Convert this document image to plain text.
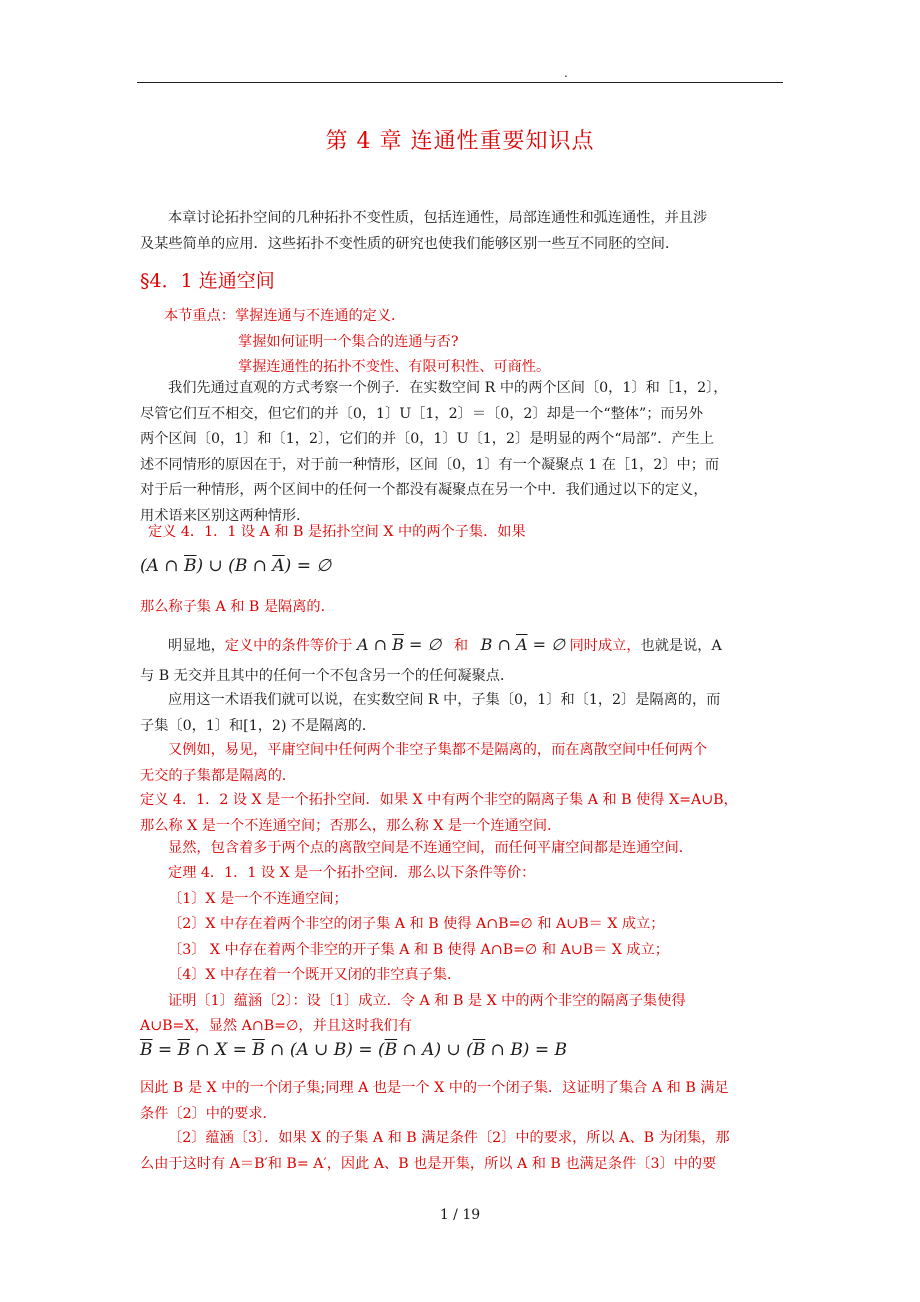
.
第 4 章 连通性重要知识点
本章讨论拓扑空间的几种拓扑不变性质，包括连通性，局部连通性和弧连通性，并且涉
及某些简单的应用．这些拓扑不变性质的研究也使我们能够区别一些互不同胚的空间．
§4．1 连通空间
本节重点：掌握连通与不连通的定义．
掌握如何证明一个集合的连通与否?
掌握连通性的拓扑不变性、有限可积性、可商性。
我们先通过直观的方式考察一个例子．在实数空间 R 中的两个区间〔0，1〕和［1，2〕，
尽管它们互不相交，但它们的并〔0，1〕U［1，2〕＝〔0，2〕却是一个“整体”；而另外
两个区间〔0，1〕和〔1，2〕，它们的并〔0，1〕U〔1，2〕是明显的两个“局部”．产生上
述不同情形的原因在于，对于前一种情形，区间〔0，1〕有一个凝聚点 1 在［1，2〕中；而
对于后一种情形，两个区间中的任何一个都没有凝聚点在另一个中．我们通过以下的定义，
用术语来区别这两种情形．
定义 4．1．1 设 A 和 B 是拓扑空间 X 中的两个子集．如果
(A ∩ $\overline{B}$) ∪ (B ∩ $\overline{A}$) = ∅
那么称子集 A 和 B 是隔离的．
明显地，定义中的条件等价于 A ∩ $\overline{B}$ = ∅ 和 B ∩ $\overline{A}$ = ∅ 同时成立，也就是说，A
与 B 无交并且其中的任何一个不包含另一个的任何凝聚点．
应用这一术语我们就可以说，在实数空间 R 中，子集〔0，1〕和〔1，2〕是隔离的，而
子集〔0，1〕和[1，2) 不是隔离的．
又例如，易见，平庸空间中任何两个非空子集都不是隔离的，而在离散空间中任何两个
无交的子集都是隔离的．
定义 4．1．2 设 X 是一个拓扑空间．如果 X 中有两个非空的隔离子集 A 和 B 使得 X=A∪B，
那么称 X 是一个不连通空间；否那么，那么称 X 是一个连通空间．
显然，包含着多于两个点的离散空间是不连通空间，而任何平庸空间都是连通空间．
定理 4．1．1 设 X 是一个拓扑空间．那么以下条件等价：
〔1〕X 是一个不连通空间；
〔2〕X 中存在着两个非空的闭子集 A 和 B 使得 A∩B=∅ 和 A∪B＝ X 成立；
〔3〕 X 中存在着两个非空的开子集 A 和 B 使得 A∩B=∅ 和 A∪B＝ X 成立；
〔4〕X 中存在着一个既开又闭的非空真子集．
证明〔1〕蕴涵〔2〕：设〔1〕成立．令 A 和 B 是 X 中的两个非空的隔离子集使得
A∪B=X，显然 A∩B=∅，并且这时我们有
$\overline{B} = \overline{B}$ ∩ $X = \overline{B}$ ∩ (A ∪ $B) = (\overline{B}$ ∩ A) ∪ ($\overline{B}$ ∩ B) = B
因此 B 是 X 中的一个闭子集;同理 A 也是一个 X 中的一个闭子集．这证明了集合 A 和 B 满足
条件〔2〕中的要求．
〔2〕蕴涵〔3〕．如果 X 的子集 A 和 B 满足条件〔2〕中的要求，所以 A、B 为闭集，那
么由于这时有 A＝B′和 B= A′，因此 A、B 也是开集，所以 A 和 B 也满足条件〔3〕中的要
1 / 19
